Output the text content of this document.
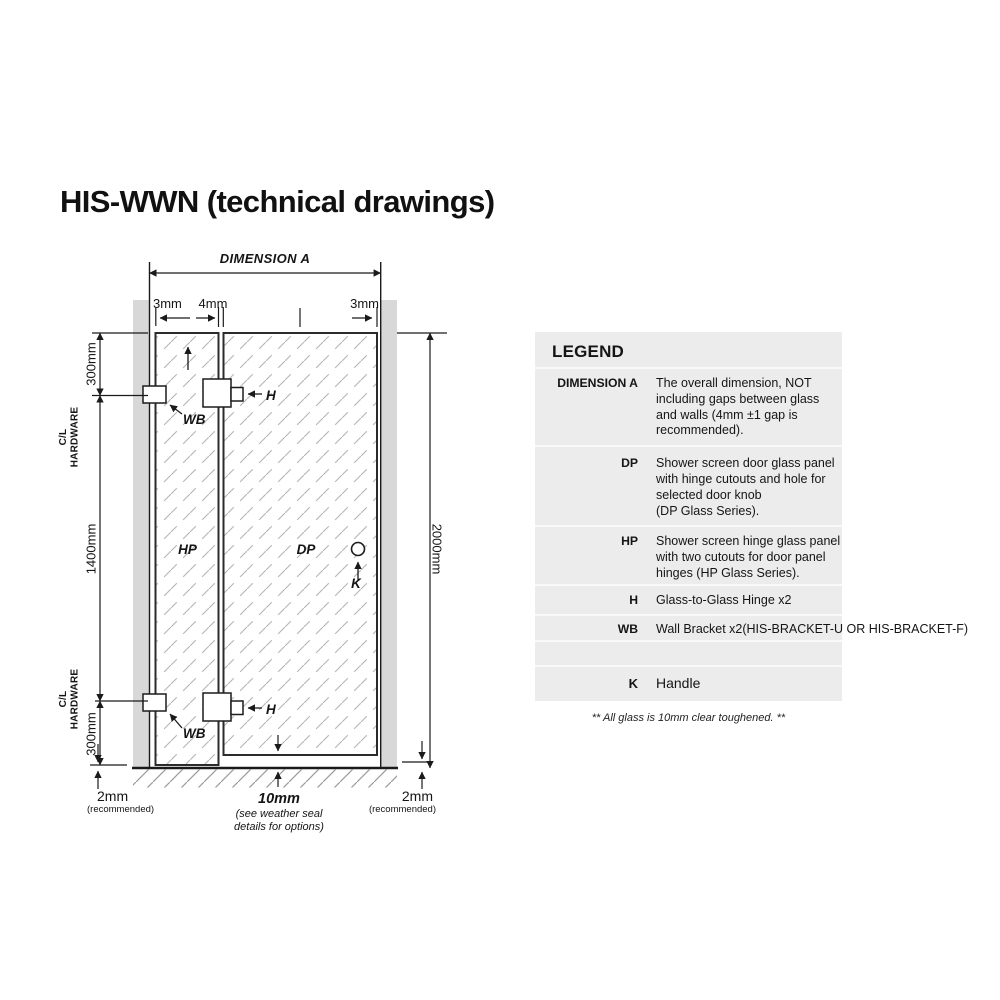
HIS-WWN (technical drawings)
DIMENSION A
3mm 4mm	3mm
H
H
WB
WB
K
HP	DP
300mm
1400mm
300mm
C/L HARDWARE
C/L HARDWARE
2000mm
2mm
(recommended)
10mm
(see weather seal
details for options)
2mm
(recommended)
LEGEND
DIMENSION A The overall dimension, NOT
including gaps between glass
and walls (4mm ±1 gap is
recommended).
DP Shower screen door glass panel
with hinge cutouts and hole for
selected door knob
(DP Glass Series).
HP Shower screen hinge glass panel
with two cutouts for door panel
hinges (HP Glass Series).
H Glass-to-Glass Hinge x2
WB Wall Bracket x2(HIS-BRACKET-U OR HIS-BRACKET-F)
K Handle
** All glass is 10mm clear toughened. **
